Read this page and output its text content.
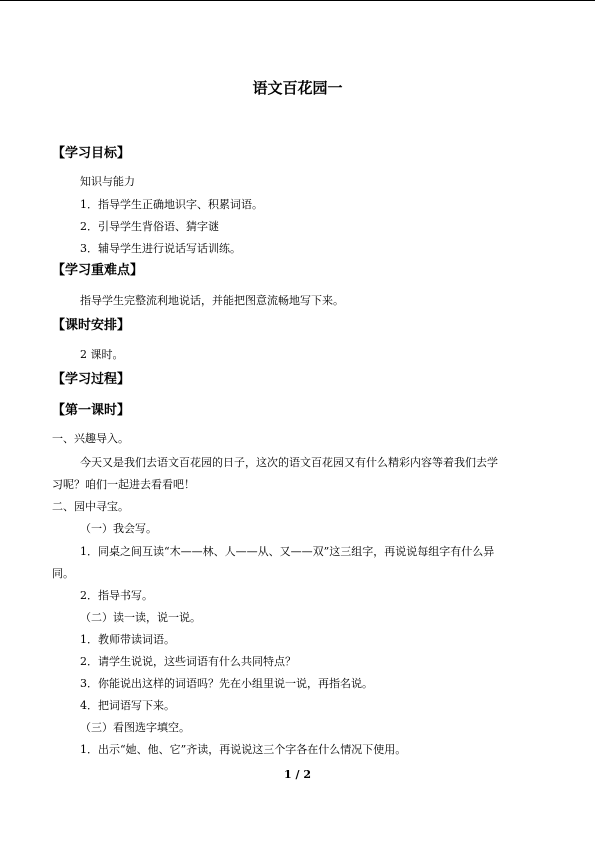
语文百花园一
【学习目标】
知识与能力
1．指导学生正确地识字、积累词语。
2．引导学生背俗语、猜字谜
3．辅导学生进行说话写话训练。
【学习重难点】
指导学生完整流利地说话，并能把图意流畅地写下来。
【课时安排】
2 课时。
【学习过程】
【第一课时】
一、兴趣导入。
今天又是我们去语文百花园的日子，这次的语文百花园又有什么精彩内容等着我们去学
习呢？咱们一起进去看看吧！
二、园中寻宝。
（一）我会写。
1．同桌之间互读“木——林、人——从、又——双”这三组字，再说说每组字有什么异
同。
2．指导书写。
（二）读一读，说一说。
1．教师带读词语。
2．请学生说说，这些词语有什么共同特点？
3．你能说出这样的词语吗？先在小组里说一说，再指名说。
4．把词语写下来。
（三）看图选字填空。
1．出示“她、他、它”齐读，再说说这三个字各在什么情况下使用。
1 / 2
